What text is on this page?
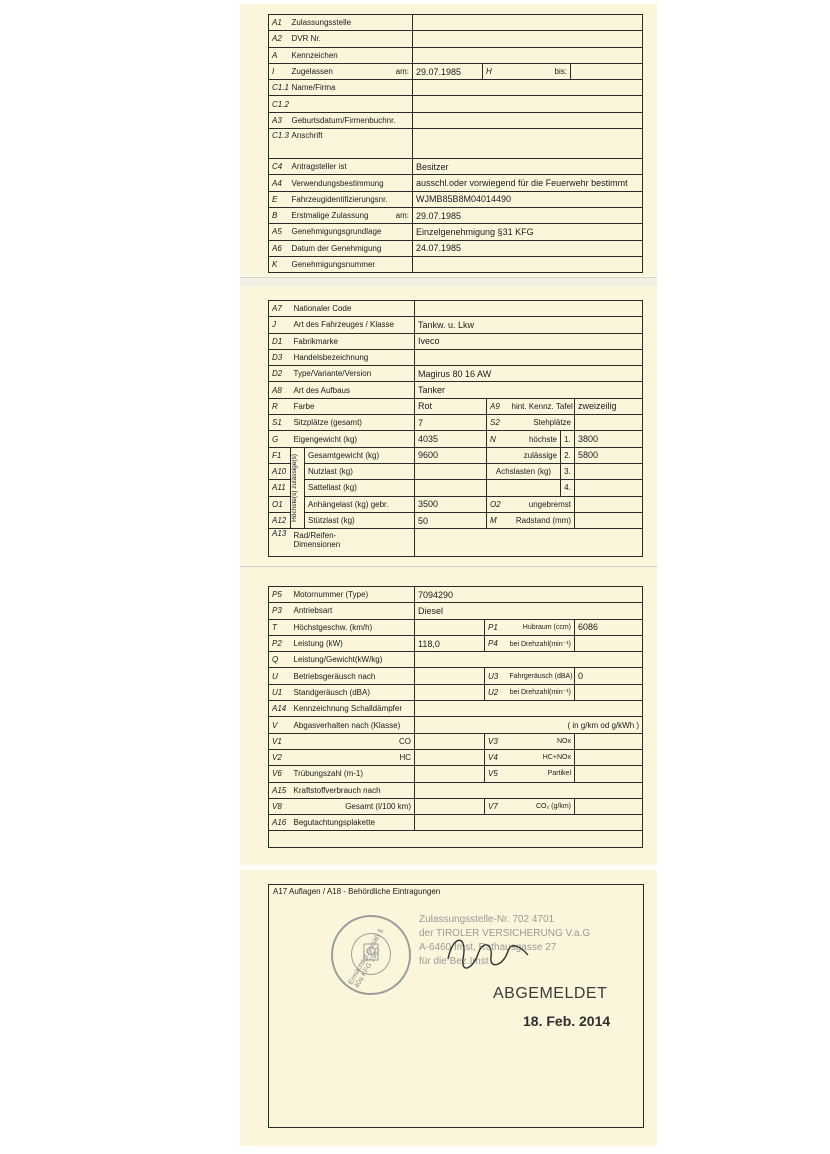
A1	Zulassungsstelle				
A2	DVR Nr.				
A	Kennzeichen				
I	Zugelassen am:	29.07.1985	H	bis:	
C1.1	Name/Firma				
C1.2					
A3	Geburtsdatum/Firmenbuchnr.				
C1.3	Anschrift				
C4	Antragsteller ist	Besitzer			
A4	Verwendungsbestimmung	ausschl.oder vorwiegend für die Feuerwehr bestimmt			
E	Fahrzeugidentifizierungsnr.	WJMB85B8M04014490			
B	Erstmalige Zulassung am:	29.07.1985			
A5	Genehmigungsgrundlage	Einzelgenehmigung §31 KFG			
A6	Datum der Genehmigung	24.07.1985			
K	Genehmigungsnummer				
A7	Nationaler Code						
J	Art des Fahrzeuges / Klasse		Tankw. u. Lkw				
D1	Fabrikmarke		Iveco				
D3	Handelsbezeichnung						
D2	Type/Variante/Version		Magirus 80 16 AW				
A8	Art des Aufbaus		Tanker				
R	Farbe		Rot	A9	hint. Kennz. Tafel		zweizeilig
S1	Sitzplätze (gesamt)		7	S2	Stehplätze		
G	Eigengewicht (kg)		4035	N	höchste	1.	3800
F1	Höchste(s) zulässige(s)	Gesamtgewicht (kg)	9600		zulässige	2.	5800
A10		Nutzlast (kg)		Achslasten (kg)		3.	
A11		Sattellast (kg)				4.	
O1		Anhängelast (kg) gebr.	3500	O2	ungebremst		
A12		Stützlast (kg)	50	M	Radstand (mm)		
A13	Rad/Reifen-
Dimensionen						
P5	Motornummer (Type)	7094290			
P3	Antriebsart	Diesel			
T	Höchstgeschw. (km/h)		P1	Hubraum (ccm)	6086
P2	Leistung (kW)	118,0	P4	bei Drehzahl(min⁻¹)	
Q	Leistung/Gewicht(kW/kg)				
U	Betriebsgeräusch nach		U3	Fahrgeräusch (dBA)	0
U1	Standgeräusch (dBA)		U2	bei Drehzahl(min⁻¹)	
A14	Kennzeichnung Schalldämpfer				
V	Abgasverhalten nach (Klasse)	( in g/km od g/kWh )			
V1	CO		V3	NOx	
V2	HC		V4	HC+NOx	
V6	Trübungszahl (m-1)		V5	Partikel	
A15	Kraftstoffverbrauch nach				
V8	Gesamt (l/100 km)		V7	CO₂ (g/km)	
A16	Begutachtungsplakette				

A17 Auflagen / A18 - Behördliche Eintragungen
Ermächtigt gemäß § 40a KFG 1967
Zulassungsstelle-Nr. 702 4701
der TIROLER VERSICHERUNG V.a.G
A-6460 Imst, Rathausgasse 27
für die Bez.Imst
ABGEMELDET
18. Feb. 2014
